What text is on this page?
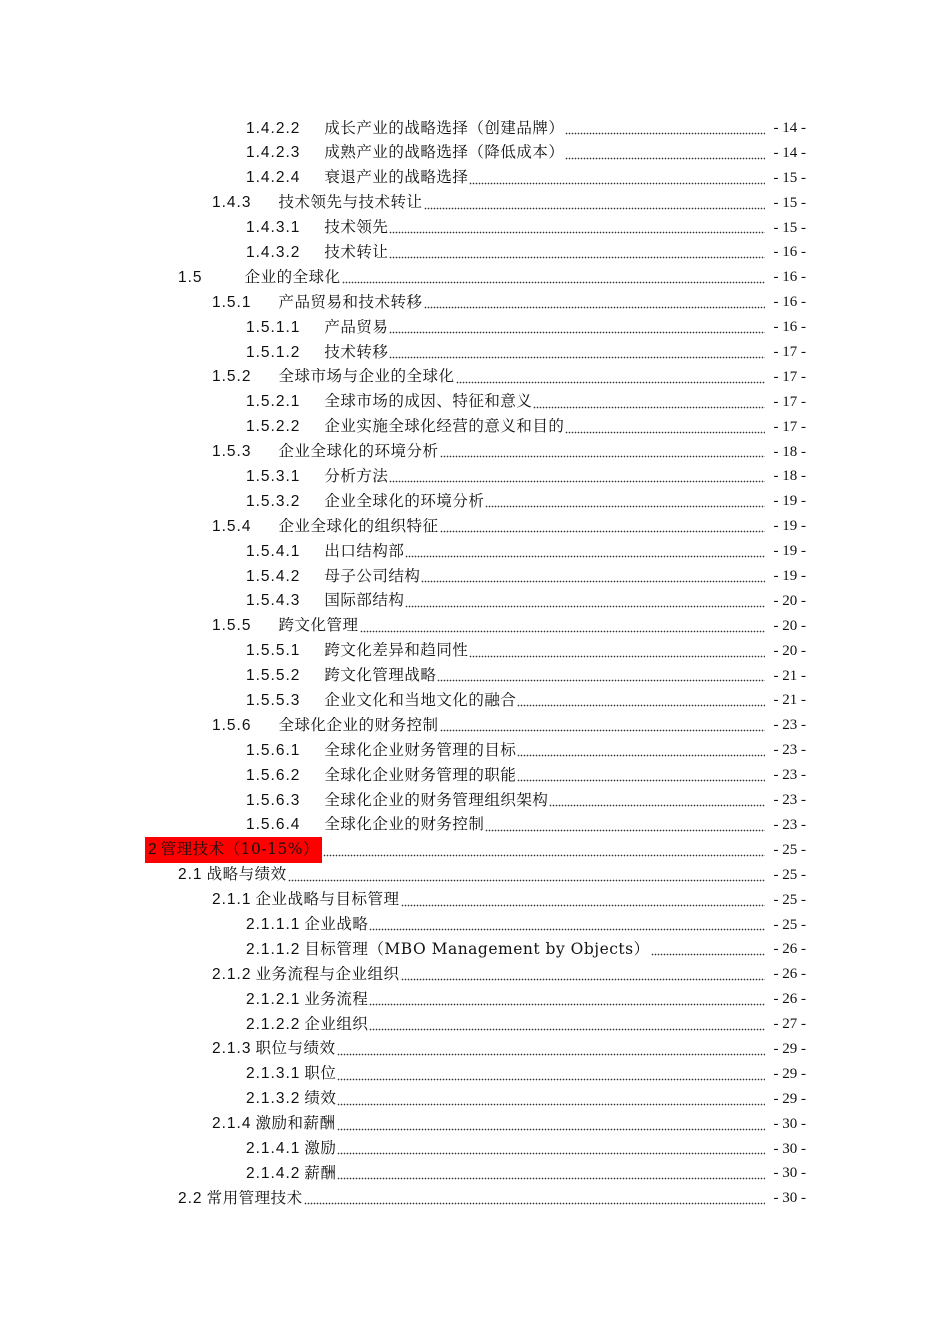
1.4.2.2 成长产业的战略选择（创建品牌）	- 14 -
1.4.2.3 成熟产业的战略选择（降低成本）	- 14 -
1.4.2.4 衰退产业的战略选择	- 15 -
1.4.3 技术领先与技术转让	- 15 -
1.4.3.1 技术领先	- 15 -
1.4.3.2 技术转让	- 16 -
1.5	企业的全球化	- 16 -
1.5.1 产品贸易和技术转移	- 16 -
1.5.1.1 产品贸易	- 16 -
1.5.1.2 技术转移	- 17 -
1.5.2 全球市场与企业的全球化	- 17 -
1.5.2.1 全球市场的成因、特征和意义	- 17 -
1.5.2.2 企业实施全球化经营的意义和目的	- 17 -
1.5.3 企业全球化的环境分析	- 18 -
1.5.3.1 分析方法	- 18 -
1.5.3.2 企业全球化的环境分析	- 19 -
1.5.4 企业全球化的组织特征	- 19 -
1.5.4.1 出口结构部	- 19 -
1.5.4.2 母子公司结构	- 19 -
1.5.4.3 国际部结构	- 20 -
1.5.5 跨文化管理	- 20 -
1.5.5.1 跨文化差异和趋同性	- 20 -
1.5.5.2 跨文化管理战略	- 21 -
1.5.5.3 企业文化和当地文化的融合	- 21 -
1.5.6 全球化企业的财务控制	- 23 -
1.5.6.1 全球化企业财务管理的目标	- 23 -
1.5.6.2 全球化企业财务管理的职能	- 23 -
1.5.6.3 全球化企业的财务管理组织架构	- 23 -
1.5.6.4 全球化企业的财务控制	- 23 -
2 管理技术（10-15%）	- 25 -
2.1 战略与绩效	- 25 -
2.1.1 企业战略与目标管理	- 25 -
2.1.1.1 企业战略	- 25 -
2.1.1.2 目标管理（MBO Management by Objects）	- 26 -
2.1.2 业务流程与企业组织	- 26 -
2.1.2.1 业务流程	- 26 -
2.1.2.2 企业组织	- 27 -
2.1.3 职位与绩效	- 29 -
2.1.3.1 职位	- 29 -
2.1.3.2 绩效	- 29 -
2.1.4 激励和薪酬	- 30 -
2.1.4.1 激励	- 30 -
2.1.4.2 薪酬	- 30 -
2.2 常用管理技术	- 30 -
